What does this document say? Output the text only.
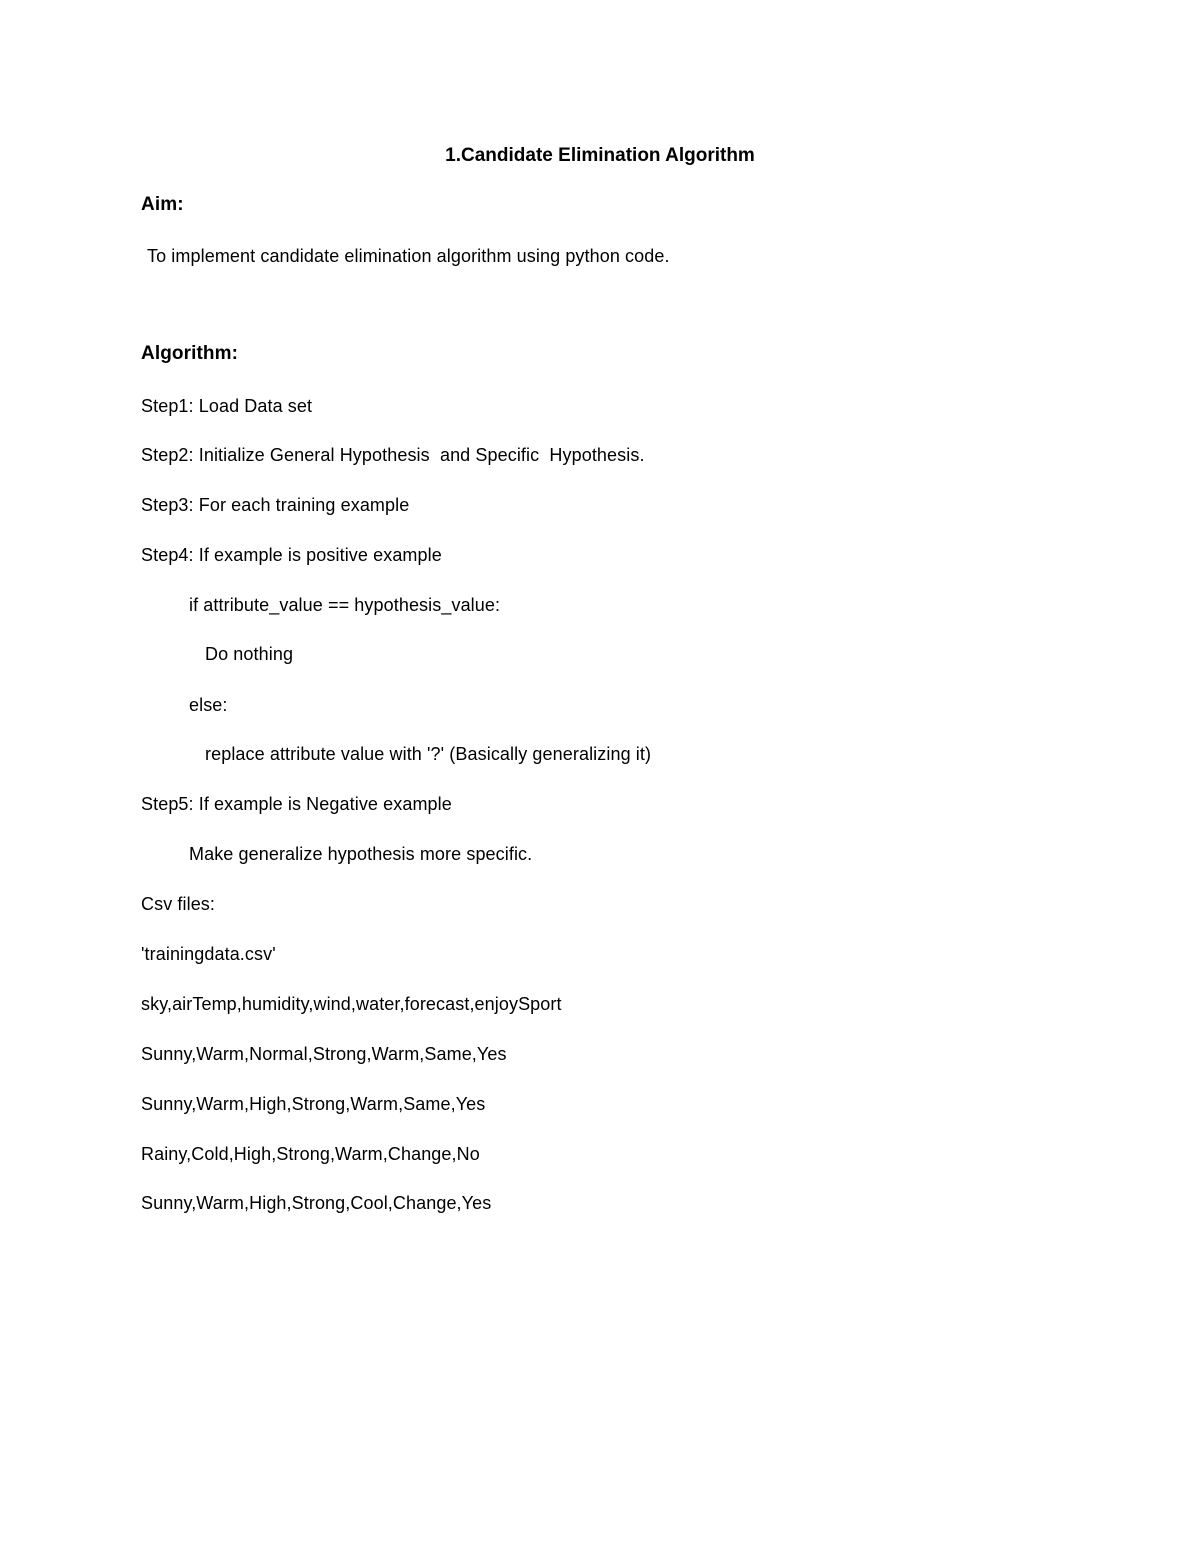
1.Candidate Elimination Algorithm
Aim:
To implement candidate elimination algorithm using python code.
Algorithm:
Step1: Load Data set
Step2: Initialize General Hypothesis  and Specific  Hypothesis.
Step3: For each training example
Step4: If example is positive example
if attribute_value == hypothesis_value:
Do nothing
else:
replace attribute value with '?' (Basically generalizing it)
Step5: If example is Negative example
Make generalize hypothesis more specific.
Csv files:
'trainingdata.csv'
sky,airTemp,humidity,wind,water,forecast,enjoySport
Sunny,Warm,Normal,Strong,Warm,Same,Yes
Sunny,Warm,High,Strong,Warm,Same,Yes
Rainy,Cold,High,Strong,Warm,Change,No
Sunny,Warm,High,Strong,Cool,Change,Yes
